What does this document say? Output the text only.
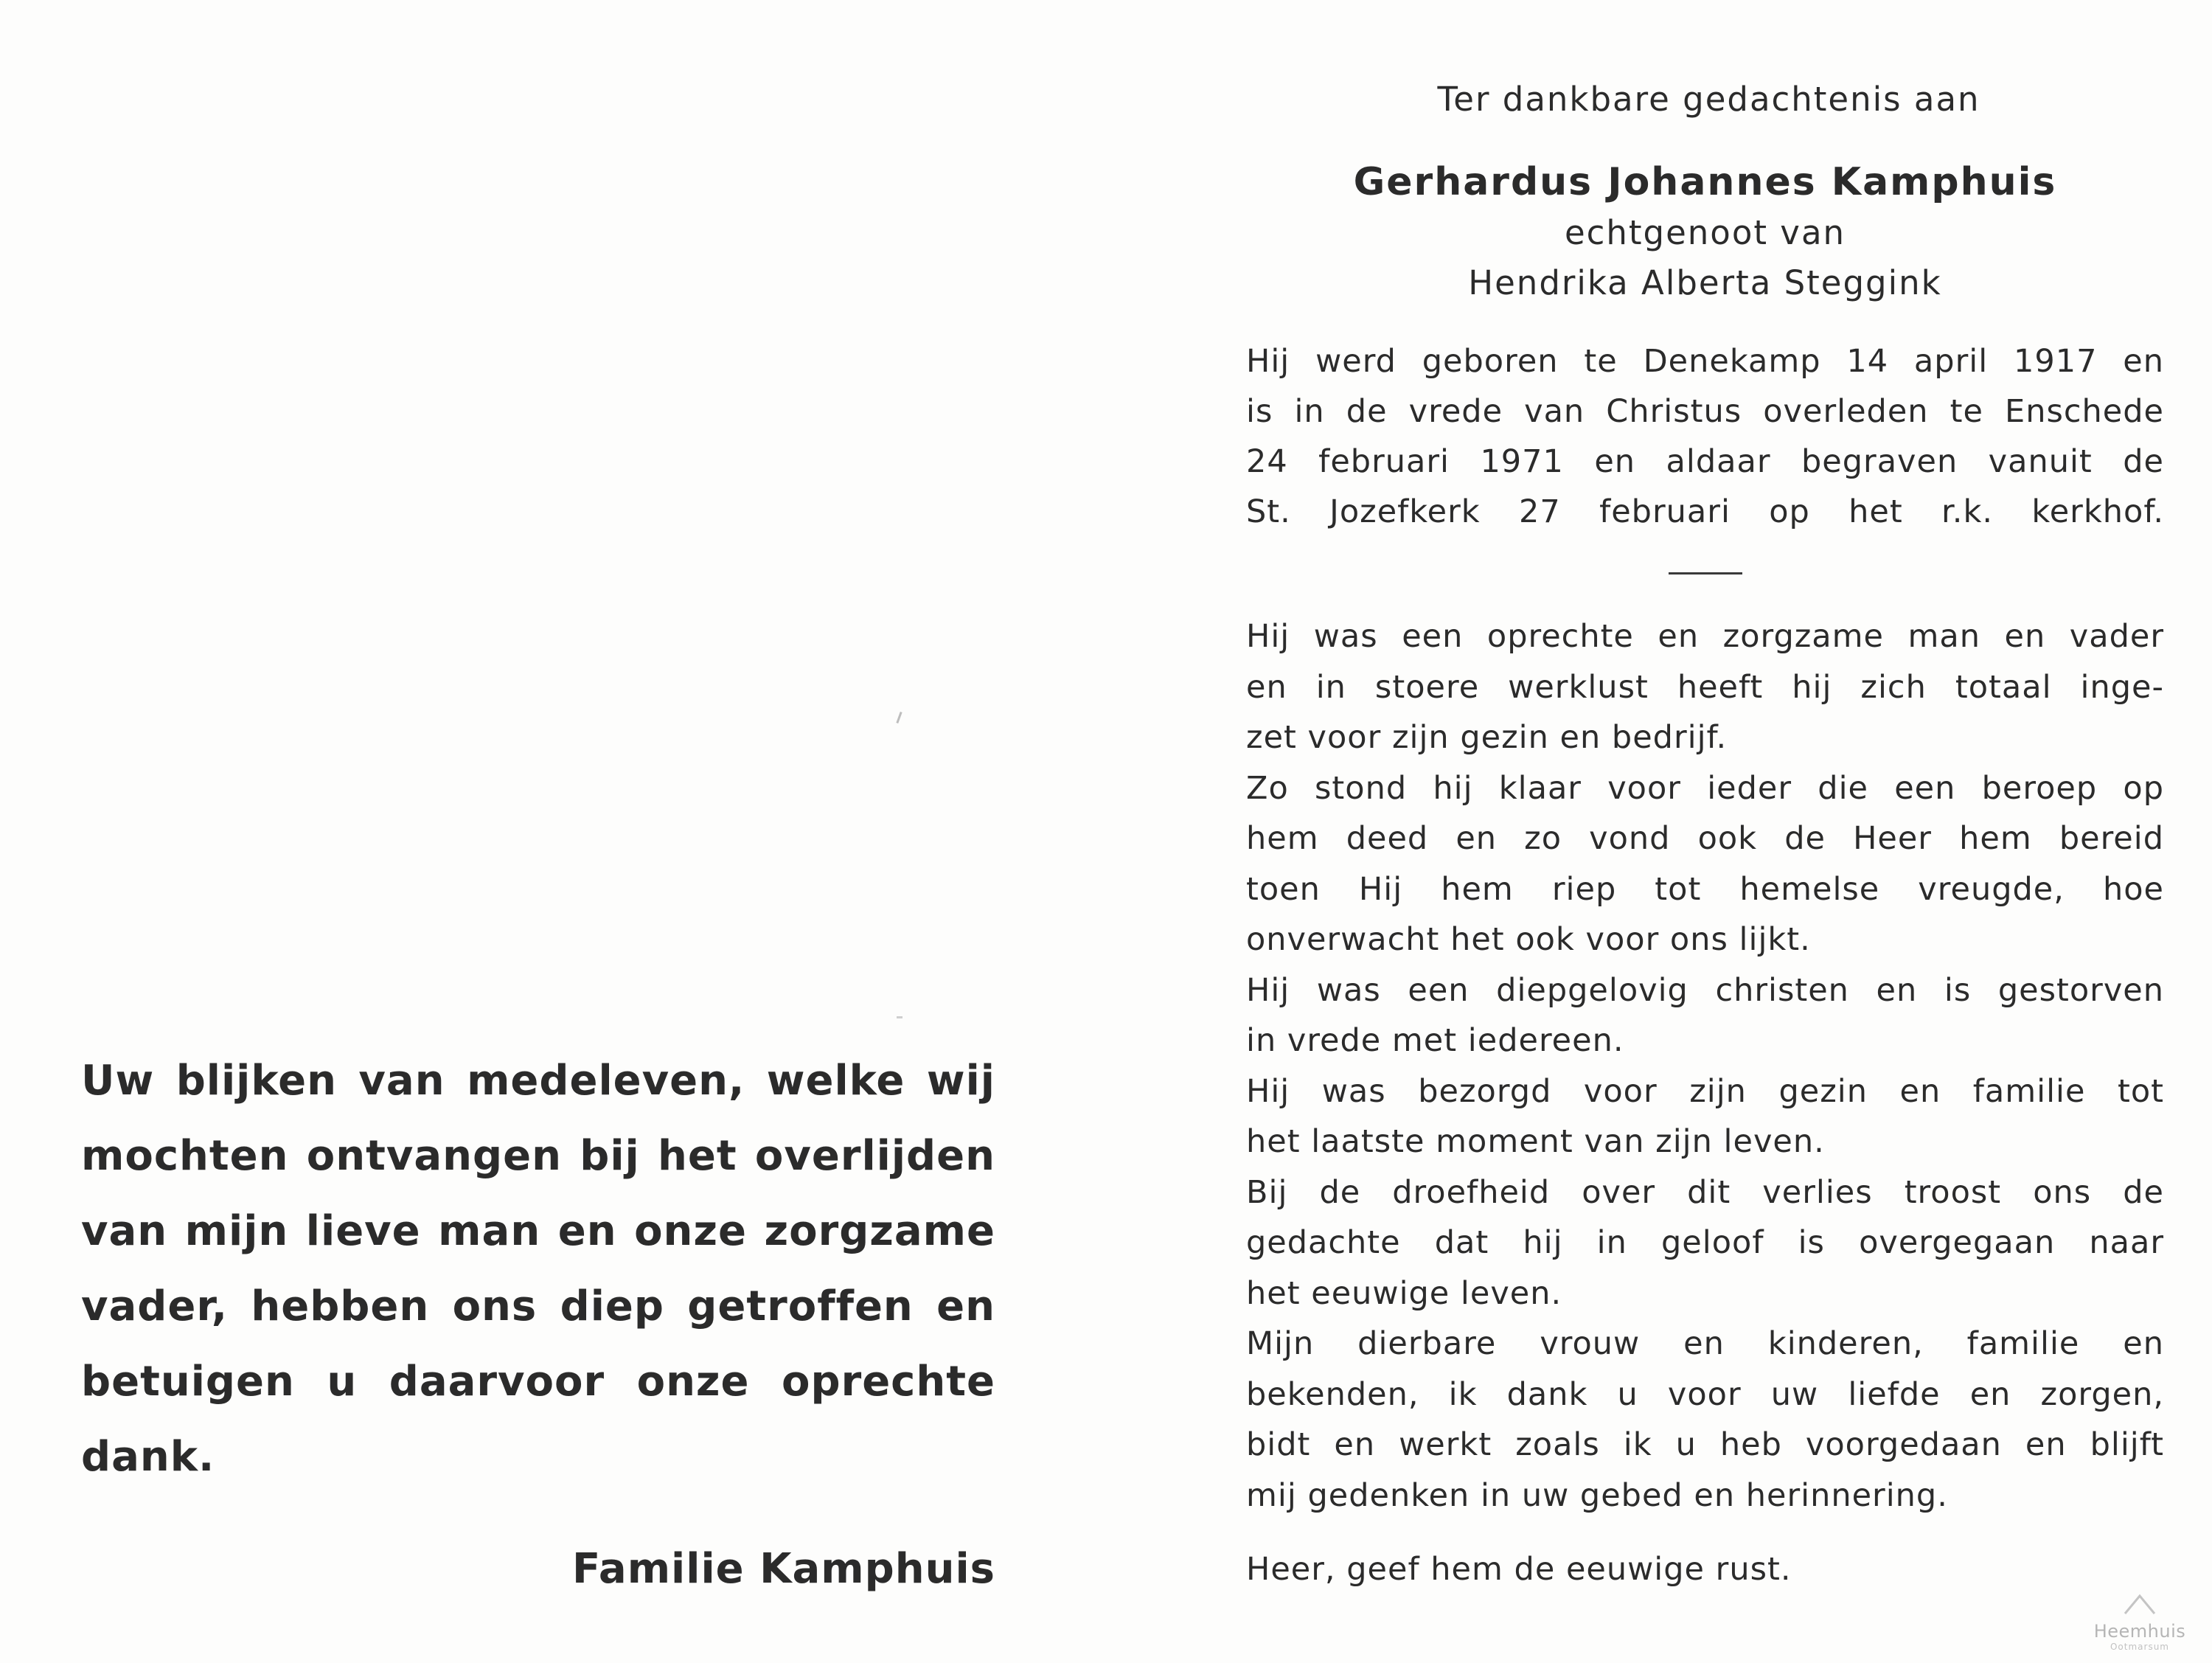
Uw blijken van medeleven, welke wij
mochten ontvangen bij het overlijden
van mijn lieve man en onze zorgzame
vader, hebben ons diep getroffen en
betuigen u daarvoor onze oprechte
dank.
Familie Kamphuis
Ter dankbare gedachtenis aan
Gerhardus Johannes Kamphuis
echtgenoot van
Hendrika Alberta Steggink
Hij werd geboren te Denekamp 14 april 1917 en
is in de vrede van Christus overleden te Enschede
24 februari 1971 en aldaar begraven vanuit de
St. Jozefkerk 27 februari op het r.k. kerkhof.
Hij was een oprechte en zorgzame man en vader
en in stoere werklust heeft hij zich totaal inge-
zet voor zijn gezin en bedrijf.
Zo stond hij klaar voor ieder die een beroep op
hem deed en zo vond ook de Heer hem bereid
toen Hij hem riep tot hemelse vreugde, hoe
onverwacht het ook voor ons lijkt.
Hij was een diepgelovig christen en is gestorven
in vrede met iedereen.
Hij was bezorgd voor zijn gezin en familie tot
het laatste moment van zijn leven.
Bij de droefheid over dit verlies troost ons de
gedachte dat hij in geloof is overgegaan naar
het eeuwige leven.
Mijn dierbare vrouw en kinderen, familie en
bekenden, ik dank u voor uw liefde en zorgen,
bidt en werkt zoals ik u heb voorgedaan en blijft
mij gedenken in uw gebed en herinnering.
Heer, geef hem de eeuwige rust.
Heemhuis
Ootmarsum
